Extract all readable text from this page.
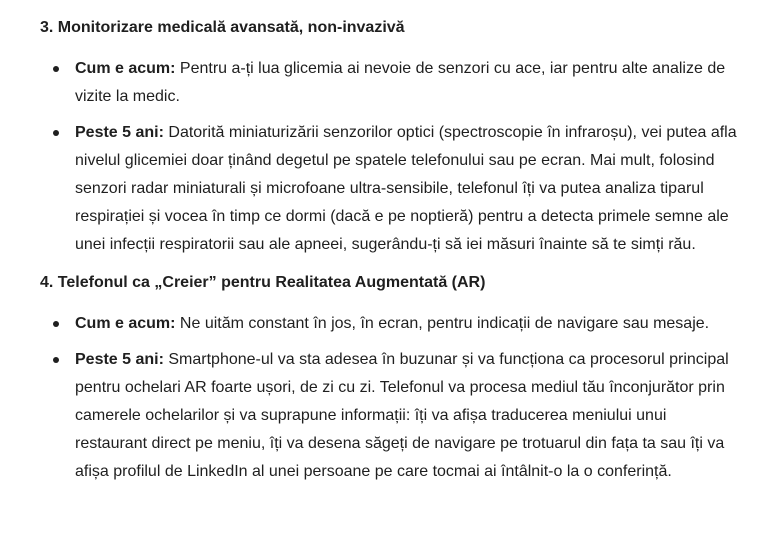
3. Monitorizare medicală avansată, non-invazivă
Cum e acum: Pentru a-ți lua glicemia ai nevoie de senzori cu ace, iar pentru alte analize de vizite la medic.
Peste 5 ani: Datorită miniaturizării senzorilor optici (spectroscopie în infraroșu), vei putea afla nivelul glicemiei doar ținând degetul pe spatele telefonului sau pe ecran. Mai mult, folosind senzori radar miniaturali și microfoane ultra-sensibile, telefonul îți va putea analiza tiparul respirației și vocea în timp ce dormi (dacă e pe noptieră) pentru a detecta primele semne ale unei infecții respiratorii sau ale apneei, sugerându-ți să iei măsuri înainte să te simți rău.
4. Telefonul ca „Creier” pentru Realitatea Augmentată (AR)
Cum e acum: Ne uităm constant în jos, în ecran, pentru indicații de navigare sau mesaje.
Peste 5 ani: Smartphone-ul va sta adesea în buzunar și va funcționa ca procesorul principal pentru ochelari AR foarte ușori, de zi cu zi. Telefonul va procesa mediul tău înconjurător prin camerele ochelarilor și va suprapune informații: îți va afișa traducerea meniului unui restaurant direct pe meniu, îți va desena săgeți de navigare pe trotuarul din fața ta sau îți va afișa profilul de LinkedIn al unei persoane pe care tocmai ai întâlnit-o la o conferință.
